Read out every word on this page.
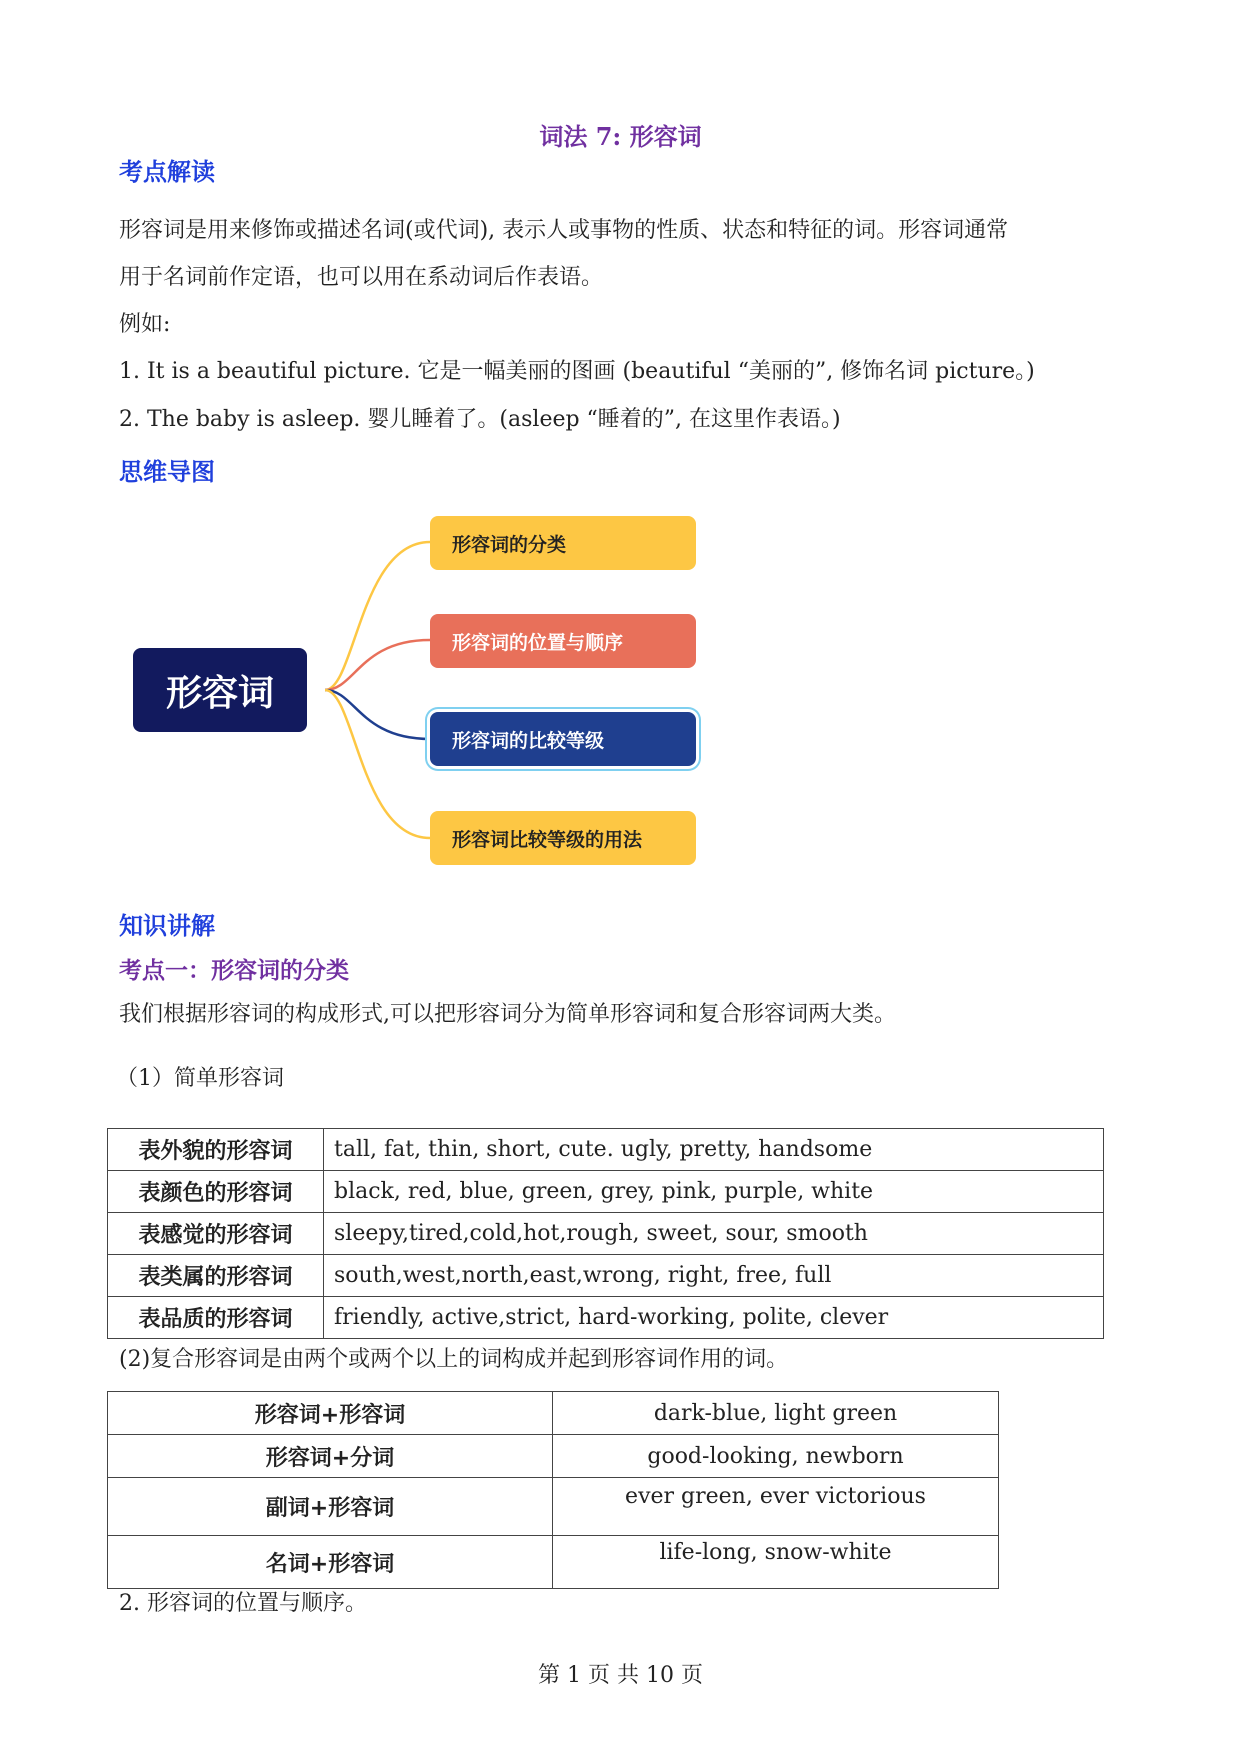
词法 7: 形容词
考点解读
形容词是用来修饰或描述名词(或代词), 表示人或事物的性质、状态和特征的词。形容词通常
用于名词前作定语，也可以用在系动词后作表语。
例如:
1. It is a beautiful picture. 它是一幅美丽的图画 (beautiful “美丽的”, 修饰名词 picture。)
2. The baby is asleep. 婴儿睡着了。(asleep “睡着的”, 在这里作表语。)
思维导图
形容词
形容词的分类
形容词的位置与顺序
形容词的比较等级
形容词比较等级的用法
知识讲解
考点一：形容词的分类
我们根据形容词的构成形式,可以把形容词分为简单形容词和复合形容词两大类。
（1）简单形容词
表外貌的形容词	tall, fat, thin, short, cute. ugly, pretty, handsome
表颜色的形容词	black, red, blue, green, grey, pink, purple, white
表感觉的形容词	sleepy,tired,cold,hot,rough, sweet, sour, smooth
表类属的形容词	south,west,north,east,wrong, right, free, full
表品质的形容词	friendly, active,strict, hard-working, polite, clever
(2)复合形容词是由两个或两个以上的词构成并起到形容词作用的词。
形容词+形容词	dark-blue, light green
形容词+分词	good-looking, newborn
副词+形容词	ever green, ever victorious
名词+形容词	life-long, snow-white
2. 形容词的位置与顺序。
第 1 页 共 10 页
